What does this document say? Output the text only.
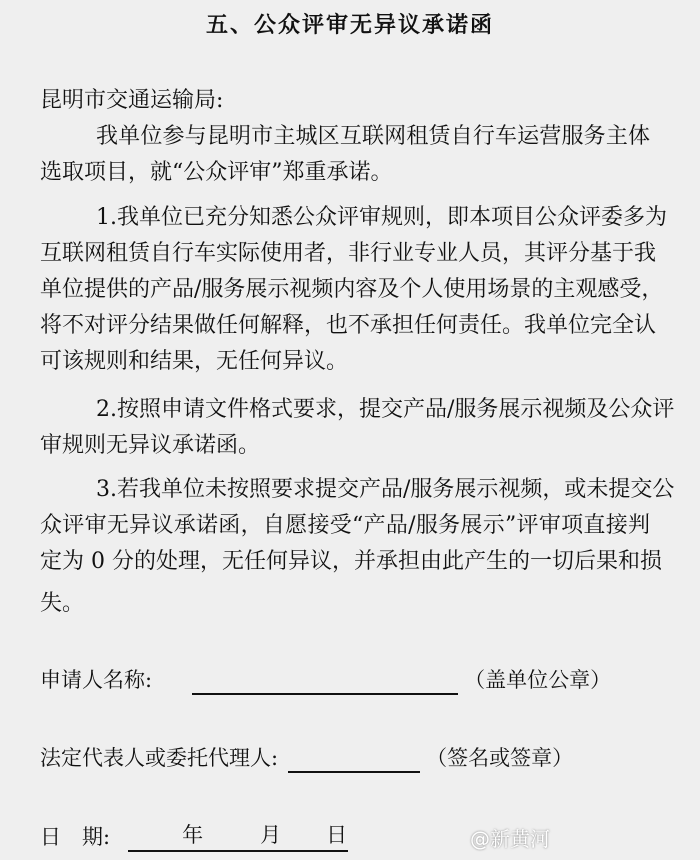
五、公众评审无异议承诺函
昆明市交通运输局:
我单位参与昆明市主城区互联网租赁自行车运营服务主体
选取项目，就“公众评审”郑重承诺。
1.我单位已充分知悉公众评审规则，即本项目公众评委多为
互联网租赁自行车实际使用者，非行业专业人员，其评分基于我
单位提供的产品/服务展示视频内容及个人使用场景的主观感受，
将不对评分结果做任何解释，也不承担任何责任。我单位完全认
可该规则和结果，无任何异议。
2.按照申请文件格式要求，提交产品/服务展示视频及公众评
审规则无异议承诺函。
3.若我单位未按照要求提交产品/服务展示视频，或未提交公
众评审无异议承诺函，自愿接受“产品/服务展示”评审项直接判
定为 0 分的处理，无任何异议，并承担由此产生的一切后果和损
失。
申请人名称:	（盖单位公章）
法定代表人或委托代理人:	（签名或签章）
日　期:	年	月 日	@新黄河
